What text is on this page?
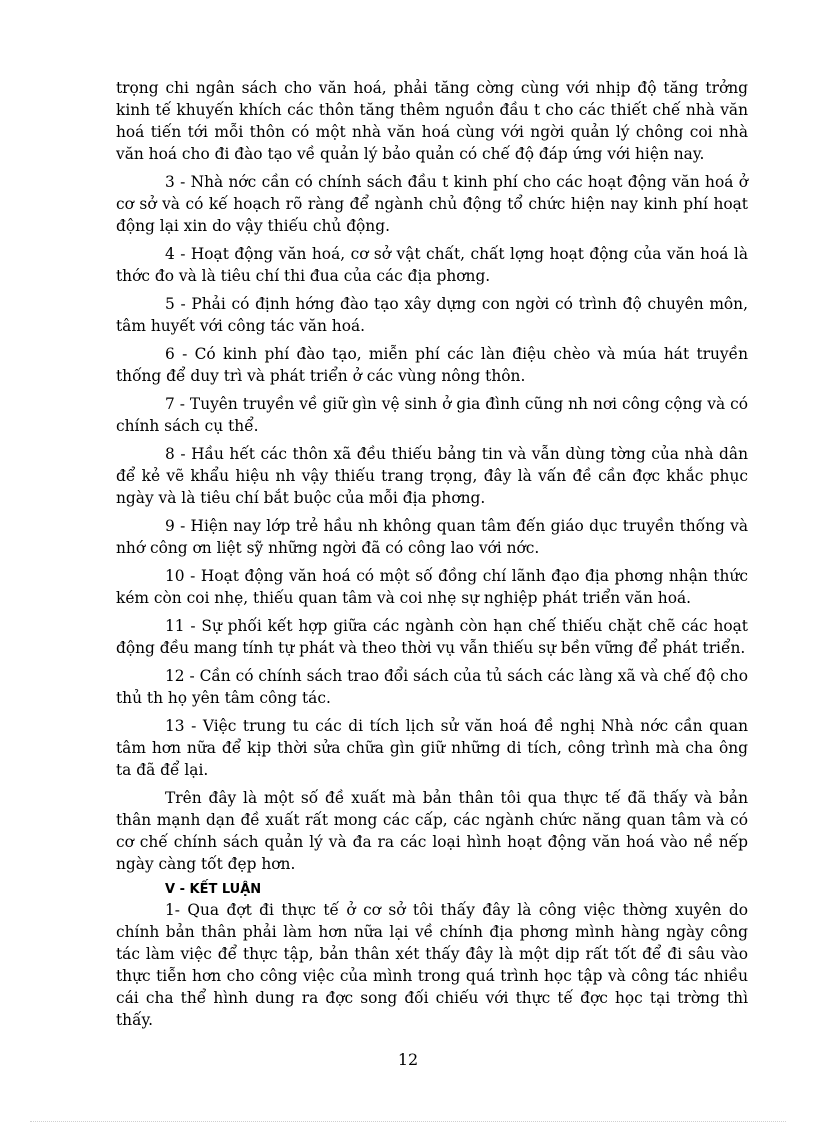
trọng chi ngân sách cho văn hoá, phải tăng cờng cùng với nhịp độ tăng trởng kinh tế khuyến khích các thôn tăng thêm nguồn đầu t cho các thiết chế nhà văn hoá tiến tới mỗi thôn có một nhà văn hoá cùng với ngời quản lý chông coi nhà văn hoá cho đi đào tạo về quản lý bảo quản có chế độ đáp ứng với hiện nay.

3 - Nhà nớc cần có chính sách đầu t kinh phí cho các hoạt động văn hoá ở cơ sở và có kế hoạch rõ ràng để ngành chủ động tổ chức hiện nay kinh phí hoạt động lại xin do vậy thiếu chủ động.

4 - Hoạt động văn hoá, cơ sở vật chất, chất lợng hoạt động của văn hoá là thớc đo và là tiêu chí thi đua của các địa phơng.

5 - Phải có định hớng đào tạo xây dựng con ngời có trình độ chuyên môn, tâm huyết với công tác văn hoá.

6 - Có kinh phí đào tạo, miễn phí các làn điệu chèo và múa hát truyền thống để duy trì và phát triển ở các vùng nông thôn.

7 - Tuyên truyền về giữ gìn vệ sinh ở gia đình cũng nh nơi công cộng và có chính sách cụ thể.

8 - Hầu hết các thôn xã đều thiếu bảng tin và vẫn dùng tờng của nhà dân để kẻ vẽ khẩu hiệu nh vậy thiếu trang trọng, đây là vấn đề cần đợc khắc phục ngày và là tiêu chí bắt buộc của mỗi địa phơng.

9 - Hiện nay lớp trẻ hầu nh không quan tâm đến giáo dục truyền thống và nhớ công ơn liệt sỹ những ngời đã có công lao với nớc.

10 - Hoạt động văn hoá có một số đồng chí lãnh đạo địa phơng nhận thức kém còn coi nhẹ, thiếu quan tâm và coi nhẹ sự nghiệp phát triển văn hoá.

11 - Sự phối kết hợp giữa các ngành còn hạn chế thiếu chặt chẽ các hoạt động đều mang tính tự phát và theo thời vụ vẫn thiếu sự bền vững để phát triển.

12 - Cần có chính sách trao đổi sách của tủ sách các làng xã và chế độ cho thủ th họ yên tâm công tác.

13 - Việc trung tu các di tích lịch sử văn hoá đề nghị Nhà nớc cần quan tâm hơn nữa để kịp thời sửa chữa gìn giữ những di tích, công trình mà cha ông ta đã để lại.

Trên đây là một số đề xuất mà bản thân tôi qua thực tế đã thấy và bản thân mạnh dạn đề xuất rất mong các cấp, các ngành chức năng quan tâm và có cơ chế chính sách quản lý và đa ra các loại hình hoạt động văn hoá vào nề nếp ngày càng tốt đẹp hơn.

V - KẾT LUẬN

1- Qua đợt đi thực tế ở cơ sở tôi thấy đây là công việc thờng xuyên do chính bản thân phải làm hơn nữa lại về chính địa phơng mình hàng ngày công tác làm việc để thực tập, bản thân xét thấy đây là một dịp rất tốt để đi sâu vào thực tiễn hơn cho công việc của mình trong quá trình học tập và công tác nhiều cái cha thể hình dung ra đợc song đối chiếu với thực tế đợc học tại trờng thì thấy.

12
